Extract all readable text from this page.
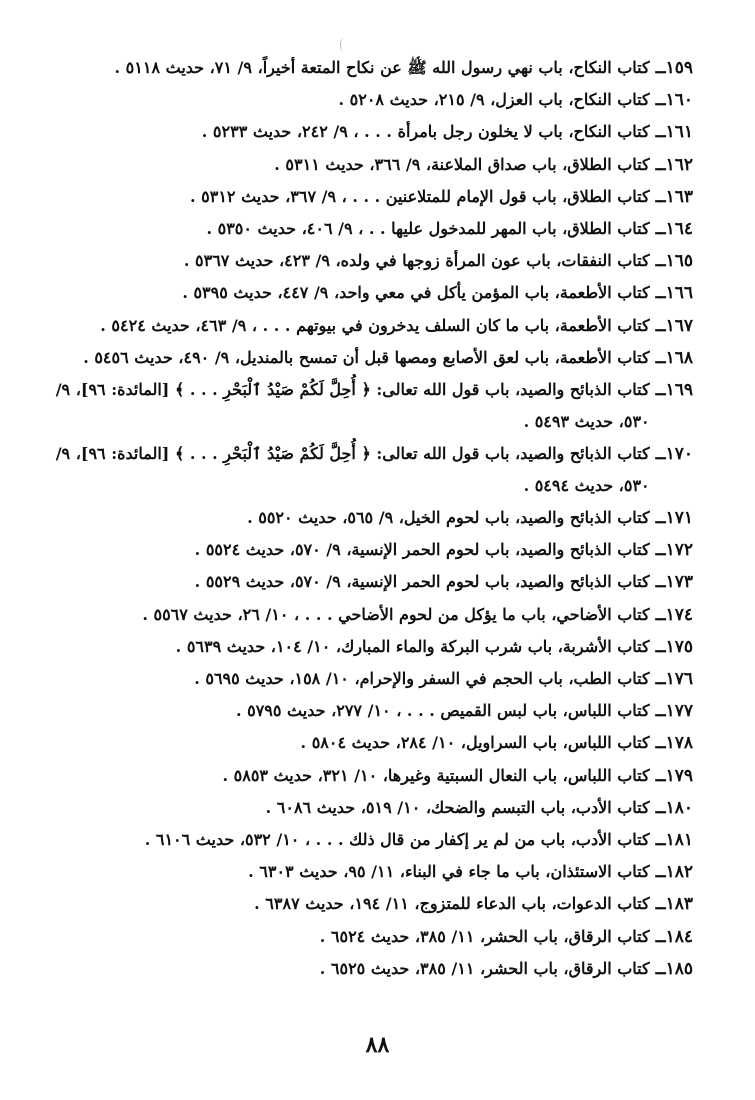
١٥٩ــ
كتاب النكاح، باب نهي رسول الله ﷺ عن نكاح المتعة أخيراً، ٩/ ٧١، حديث ٥١١٨ .
١٦٠ــ
كتاب النكاح، باب العزل، ٩/ ٢١٥، حديث ٥٢٠٨ .
١٦١ــ
كتاب النكاح، باب لا يخلون رجل بامرأة . . . ، ٩/ ٢٤٢، حديث ٥٢٣٣ .
١٦٢ــ
كتاب الطلاق، باب صداق الملاعنة، ٩/ ٣٦٦، حديث ٥٣١١ .
١٦٣ــ
كتاب الطلاق، باب قول الإمام للمتلاعنين . . . ، ٩/ ٣٦٧، حديث ٥٣١٢ .
١٦٤ــ
كتاب الطلاق، باب المهر للمدخول عليها . . ، ٩/ ٤٠٦، حديث ٥٣٥٠ .
١٦٥ــ
كتاب النفقات، باب عون المرأة زوجها في ولده، ٩/ ٤٢٣، حديث ٥٣٦٧ .
١٦٦ــ
كتاب الأطعمة، باب المؤمن يأكل في معي واحد، ٩/ ٤٤٧، حديث ٥٣٩٥ .
١٦٧ــ
كتاب الأطعمة، باب ما كان السلف يدخرون في بيوتهم . . . ، ٩/ ٤٦٣، حديث ٥٤٢٤ .
١٦٨ــ
كتاب الأطعمة، باب لعق الأصابع ومصها قبل أن تمسح بالمنديل، ٩/ ٤٩٠، حديث ٥٤٥٦ .
١٦٩ــ
كتاب الذبائح والصيد، باب قول الله تعالى: ﴿ أُحِلَّ لَكُمْ صَيْدُ ٱلْبَحْرِ . . . ﴾ [المائدة: ٩٦]، ٩/ ٥٣٠، حديث ٥٤٩٣ .
١٧٠ــ
كتاب الذبائح والصيد، باب قول الله تعالى: ﴿ أُحِلَّ لَكُمْ صَيْدُ ٱلْبَحْرِ . . . ﴾ [المائدة: ٩٦]، ٩/ ٥٣٠، حديث ٥٤٩٤ .
١٧١ــ
كتاب الذبائح والصيد، باب لحوم الخيل، ٩/ ٥٦٥، حديث ٥٥٢٠ .
١٧٢ــ
كتاب الذبائح والصيد، باب لحوم الحمر الإنسية، ٩/ ٥٧٠، حديث ٥٥٢٤ .
١٧٣ــ
كتاب الذبائح والصيد، باب لحوم الحمر الإنسية، ٩/ ٥٧٠، حديث ٥٥٢٩ .
١٧٤ــ
كتاب الأضاحي، باب ما يؤكل من لحوم الأضاحي . . . ، ١٠/ ٢٦، حديث ٥٥٦٧ .
١٧٥ــ
كتاب الأشربة، باب شرب البركة والماء المبارك، ١٠/ ١٠٤، حديث ٥٦٣٩ .
١٧٦ــ
كتاب الطب، باب الحجم في السفر والإحرام، ١٠/ ١٥٨، حديث ٥٦٩٥ .
١٧٧ــ
كتاب اللباس، باب لبس القميص . . . ، ١٠/ ٢٧٧، حديث ٥٧٩٥ .
١٧٨ــ
كتاب اللباس، باب السراويل، ١٠/ ٢٨٤، حديث ٥٨٠٤ .
١٧٩ــ
كتاب اللباس، باب النعال السبتية وغيرها، ١٠/ ٣٢١، حديث ٥٨٥٣ .
١٨٠ــ
كتاب الأدب، باب التبسم والضحك، ١٠/ ٥١٩، حديث ٦٠٨٦ .
١٨١ــ
كتاب الأدب، باب من لم ير إكفار من قال ذلك . . . ، ١٠/ ٥٣٢، حديث ٦١٠٦ .
١٨٢ــ
كتاب الاستئذان، باب ما جاء في البناء، ١١/ ٩٥، حديث ٦٣٠٣ .
١٨٣ــ
كتاب الدعوات، باب الدعاء للمتزوج، ١١/ ١٩٤، حديث ٦٣٨٧ .
١٨٤ــ
كتاب الرقاق، باب الحشر، ١١/ ٣٨٥، حديث ٦٥٢٤ .
١٨٥ــ
كتاب الرقاق، باب الحشر، ١١/ ٣٨٥، حديث ٦٥٢٥ .
٨٨
